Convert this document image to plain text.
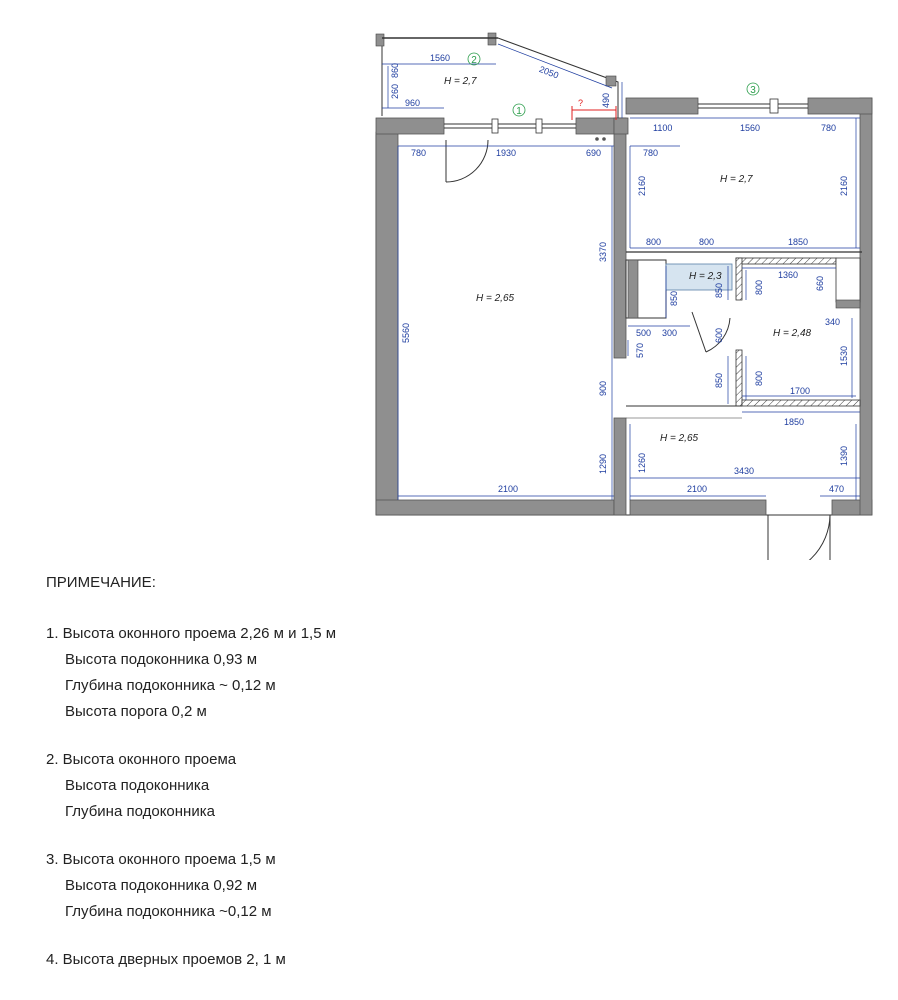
1560
2050
860
260
960	490
780	1930	690
5560
3370
570
900
1290
2100
1100	1560	780
780
2160	2160
800	800	1850
850
850
500 300	600
1360
800	660
340
1530
850	800
1700
1850
1260	1390
3430
2100	470
H = 2,7
H = 2,65
H = 2,7
H = 2,3
H = 2,48
H = 2,65
1
2
3
?
ПРИМЕЧАНИЕ:
1. Высота оконного проема 2,26 м и 1,5 м
Высота подоконника 0,93 м
Глубина подоконника ~ 0,12 м
Высота порога 0,2 м
2. Высота оконного проема
Высота подоконника
Глубина подоконника
3. Высота оконного проема 1,5 м
Высота подоконника 0,92 м
Глубина подоконника ~0,12 м
4. Высота дверных проемов 2, 1 м
